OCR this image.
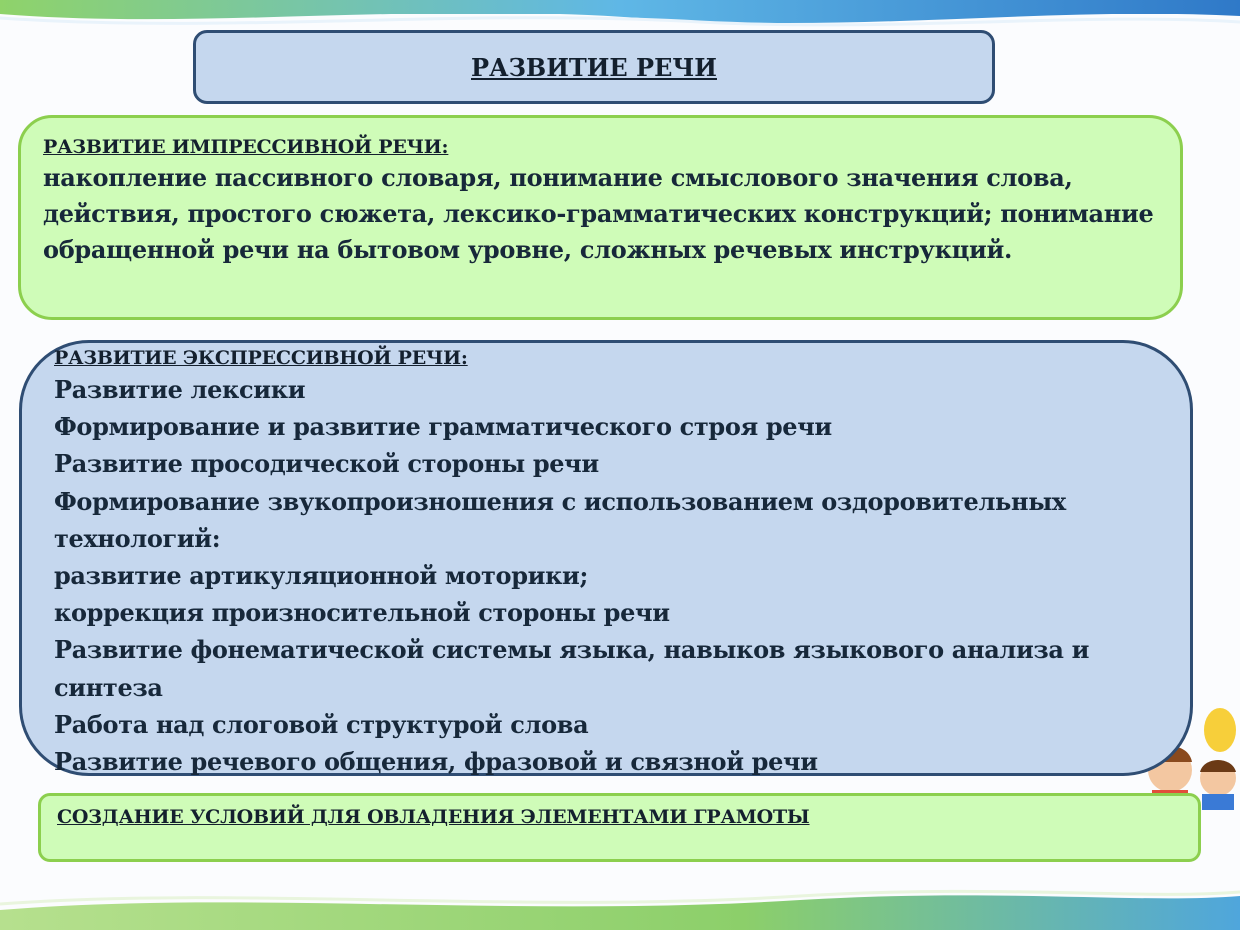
РАЗВИТИЕ РЕЧИ
РАЗВИТИЕ ИМПРЕССИВНОЙ РЕЧИ:
накопление пассивного словаря, понимание смыслового значения слова, действия, простого сюжета, лексико-грамматических конструкций; понимание обращенной речи на бытовом уровне, сложных речевых инструкций.
РАЗВИТИЕ ЭКСПРЕССИВНОЙ РЕЧИ:
Развитие лексики
Формирование и развитие грамматического строя речи
Развитие просодической стороны речи
Формирование звукопроизношения с использованием оздоровительных
технологий:
развитие артикуляционной моторики;
коррекция произносительной стороны речи
Развитие фонематической системы языка, навыков языкового анализа и
синтеза
Работа над слоговой структурой слова
Развитие речевого общения, фразовой и связной речи
СОЗДАНИЕ УСЛОВИЙ ДЛЯ ОВЛАДЕНИЯ ЭЛЕМЕНТАМИ ГРАМОТЫ
